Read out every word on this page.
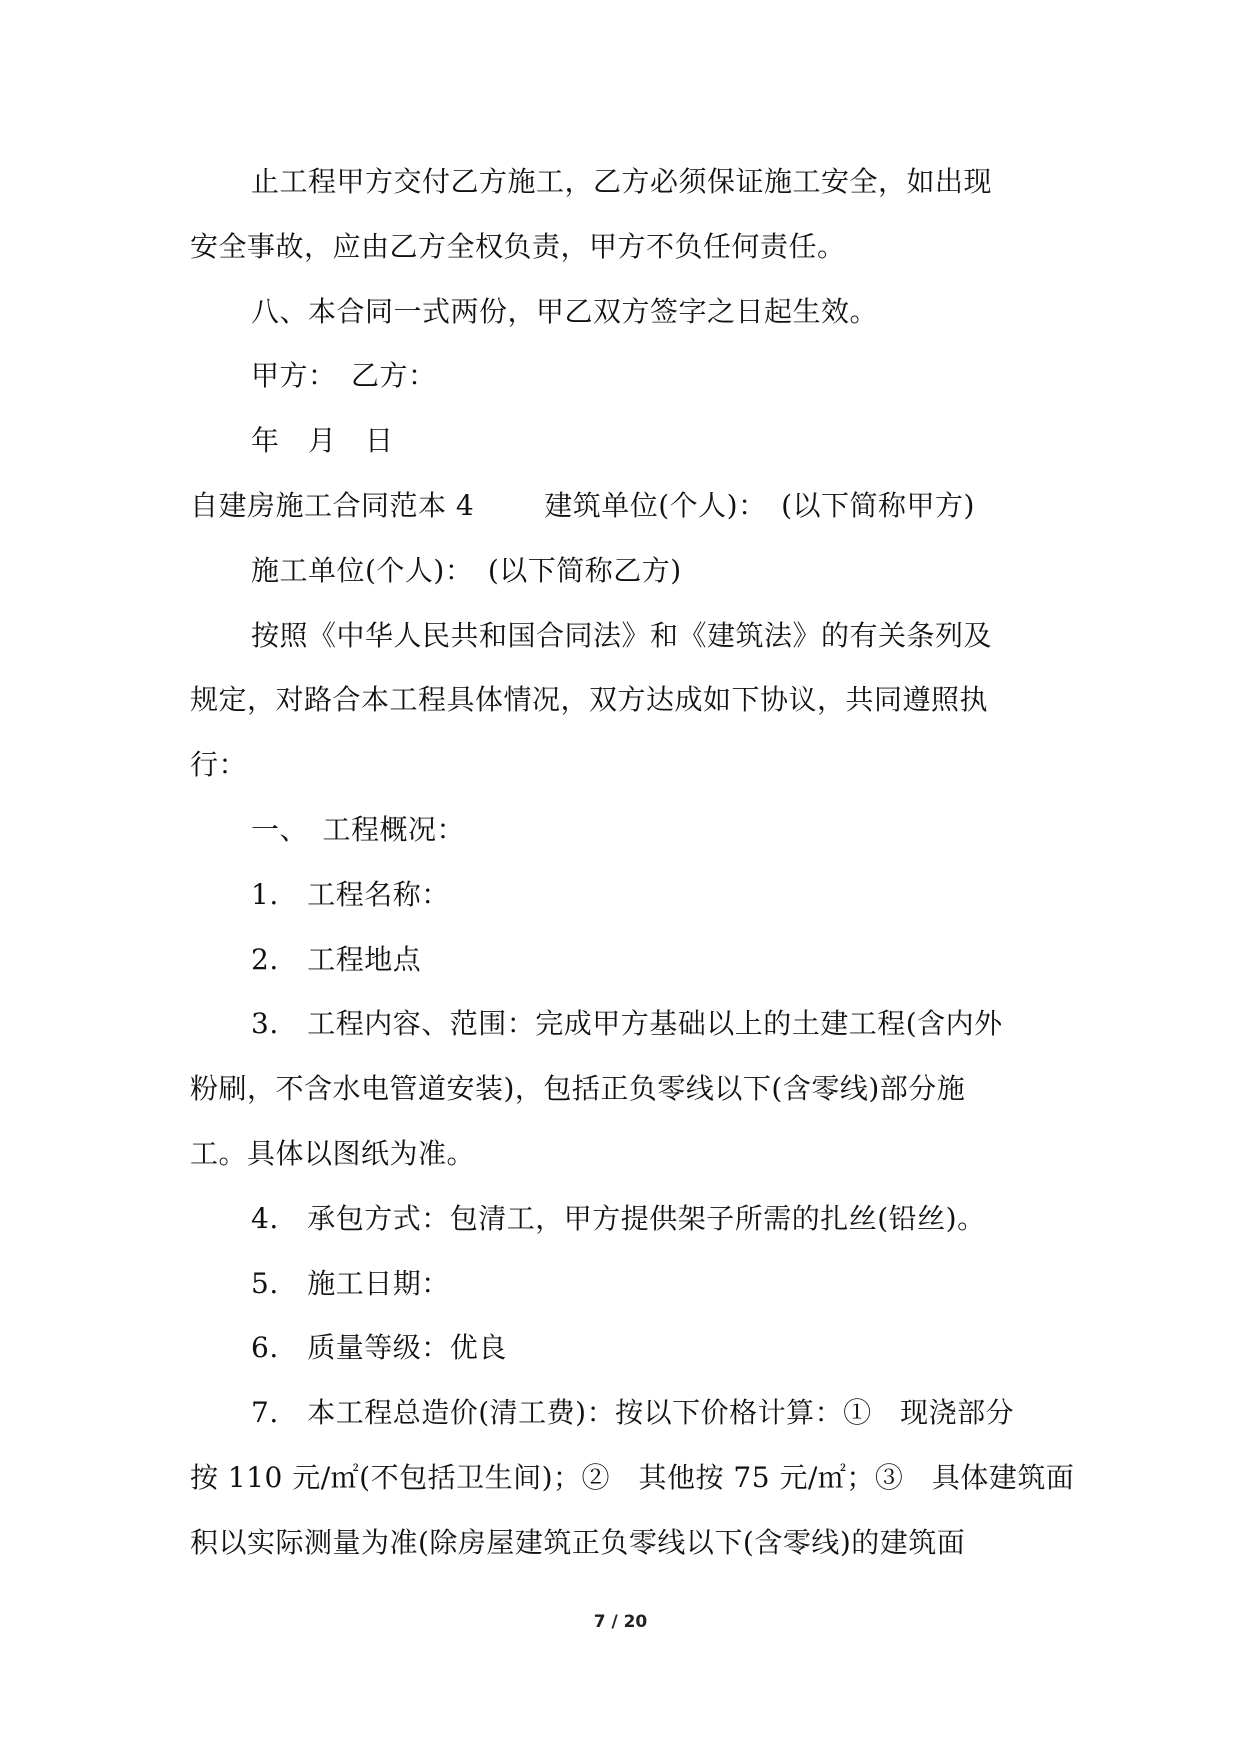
止工程甲方交付乙方施工，乙方必须保证施工安全，如出现
安全事故，应由乙方全权负责，甲方不负任何责任。
八、本合同一式两份，甲乙双方签字之日起生效。
甲方：　乙方：
年　月　日
自建房施工合同范本 4	建筑单位(个人)：　(以下简称甲方)
施工单位(个人)：　(以下简称乙方)
按照《中华人民共和国合同法》和《建筑法》的有关条列及
规定，对路合本工程具体情况，双方达成如下协议，共同遵照执
行：
一、　工程概况：
1.　工程名称：
2.　工程地点
3.　工程内容、范围：完成甲方基础以上的土建工程(含内外
粉刷，不含水电管道安装)，包括正负零线以下(含零线)部分施
工。具体以图纸为准。
4.　承包方式：包清工，甲方提供架子所需的扎丝(铅丝)。
5.　施工日期：
6.　质量等级：优良
7.　本工程总造价(清工费)：按以下价格计算：①　现浇部分
按 110 元/㎡(不包括卫生间)；②　其他按 75 元/㎡；③　具体建筑面
积以实际测量为准(除房屋建筑正负零线以下(含零线)的建筑面
7 / 20
